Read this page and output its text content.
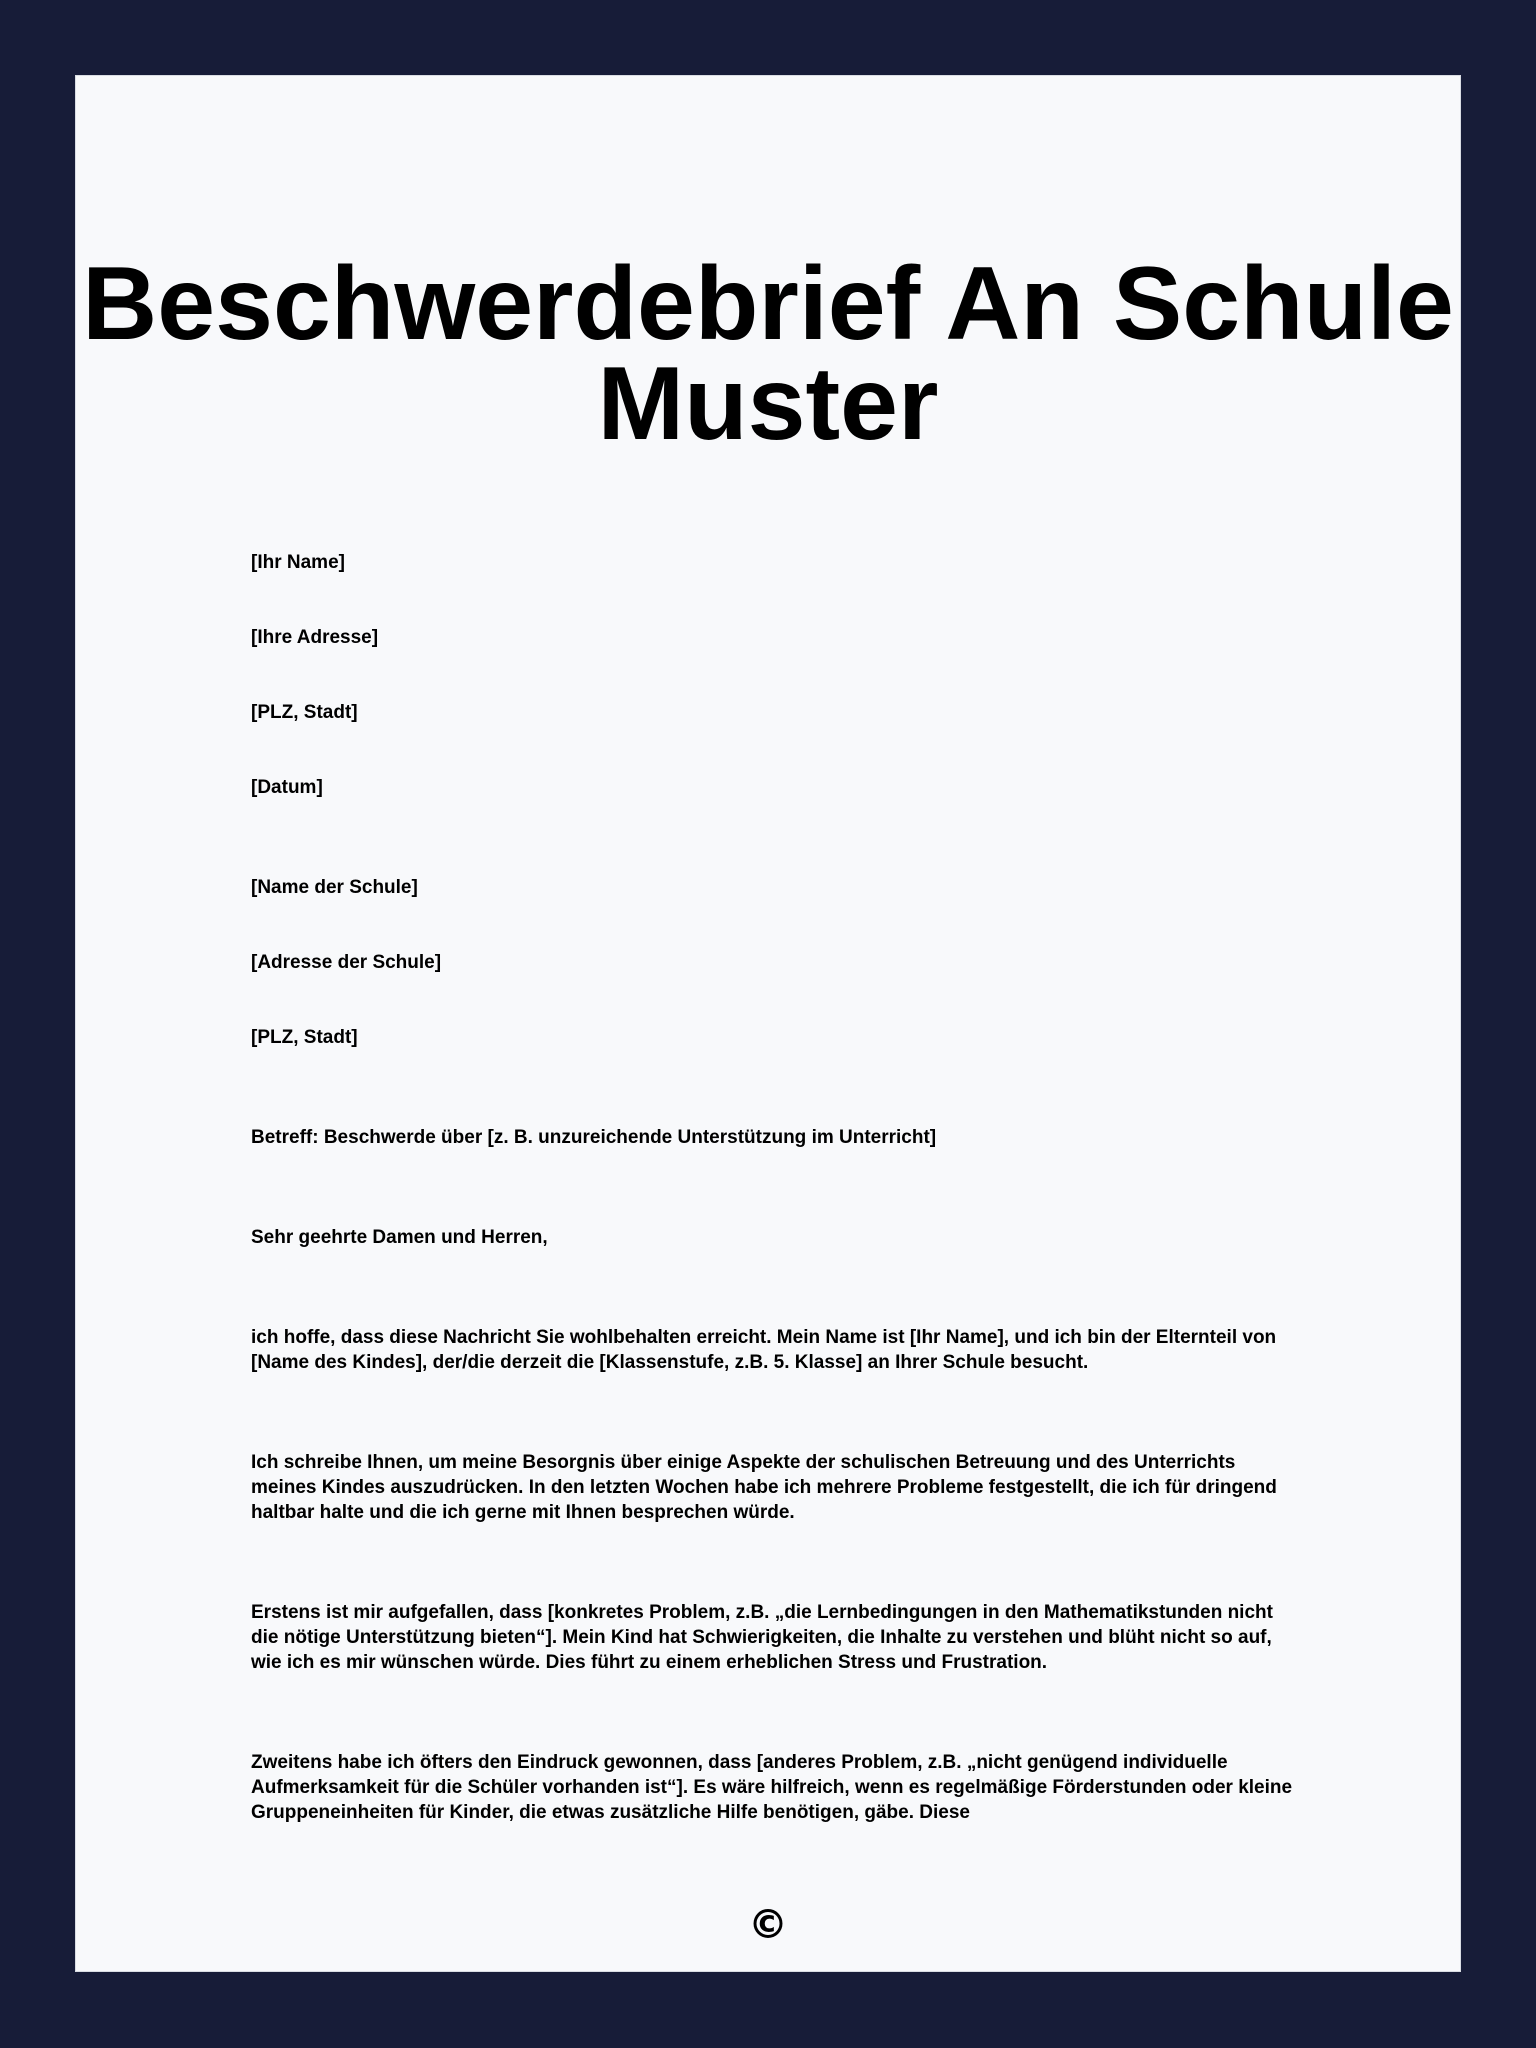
Beschwerdebrief An Schule Muster

[Ihr Name]

[Ihre Adresse]

[PLZ, Stadt]

[Datum]

[Name der Schule]

[Adresse der Schule]

[PLZ, Stadt]

Betreff: Beschwerde über [z. B. unzureichende Unterstützung im Unterricht]

Sehr geehrte Damen und Herren,

ich hoffe, dass diese Nachricht Sie wohlbehalten erreicht. Mein Name ist [Ihr Name], und ich bin der Elternteil von [Name des Kindes], der/die derzeit die [Klassenstufe, z.B. 5. Klasse] an Ihrer Schule besucht.

Ich schreibe Ihnen, um meine Besorgnis über einige Aspekte der schulischen Betreuung und des Unterrichts meines Kindes auszudrücken. In den letzten Wochen habe ich mehrere Probleme festgestellt, die ich für dringend haltbar halte und die ich gerne mit Ihnen besprechen würde.

Erstens ist mir aufgefallen, dass [konkretes Problem, z.B. „die Lernbedingungen in den Mathematikstunden nicht die nötige Unterstützung bieten“]. Mein Kind hat Schwierigkeiten, die Inhalte zu verstehen und blüht nicht so auf, wie ich es mir wünschen würde. Dies führt zu einem erheblichen Stress und Frustration.

Zweitens habe ich öfters den Eindruck gewonnen, dass [anderes Problem, z.B. „nicht genügend individuelle Aufmerksamkeit für die Schüler vorhanden ist“]. Es wäre hilfreich, wenn es regelmäßige Förderstunden oder kleine Gruppeneinheiten für Kinder, die etwas zusätzliche Hilfe benötigen, gäbe. Diese

©
